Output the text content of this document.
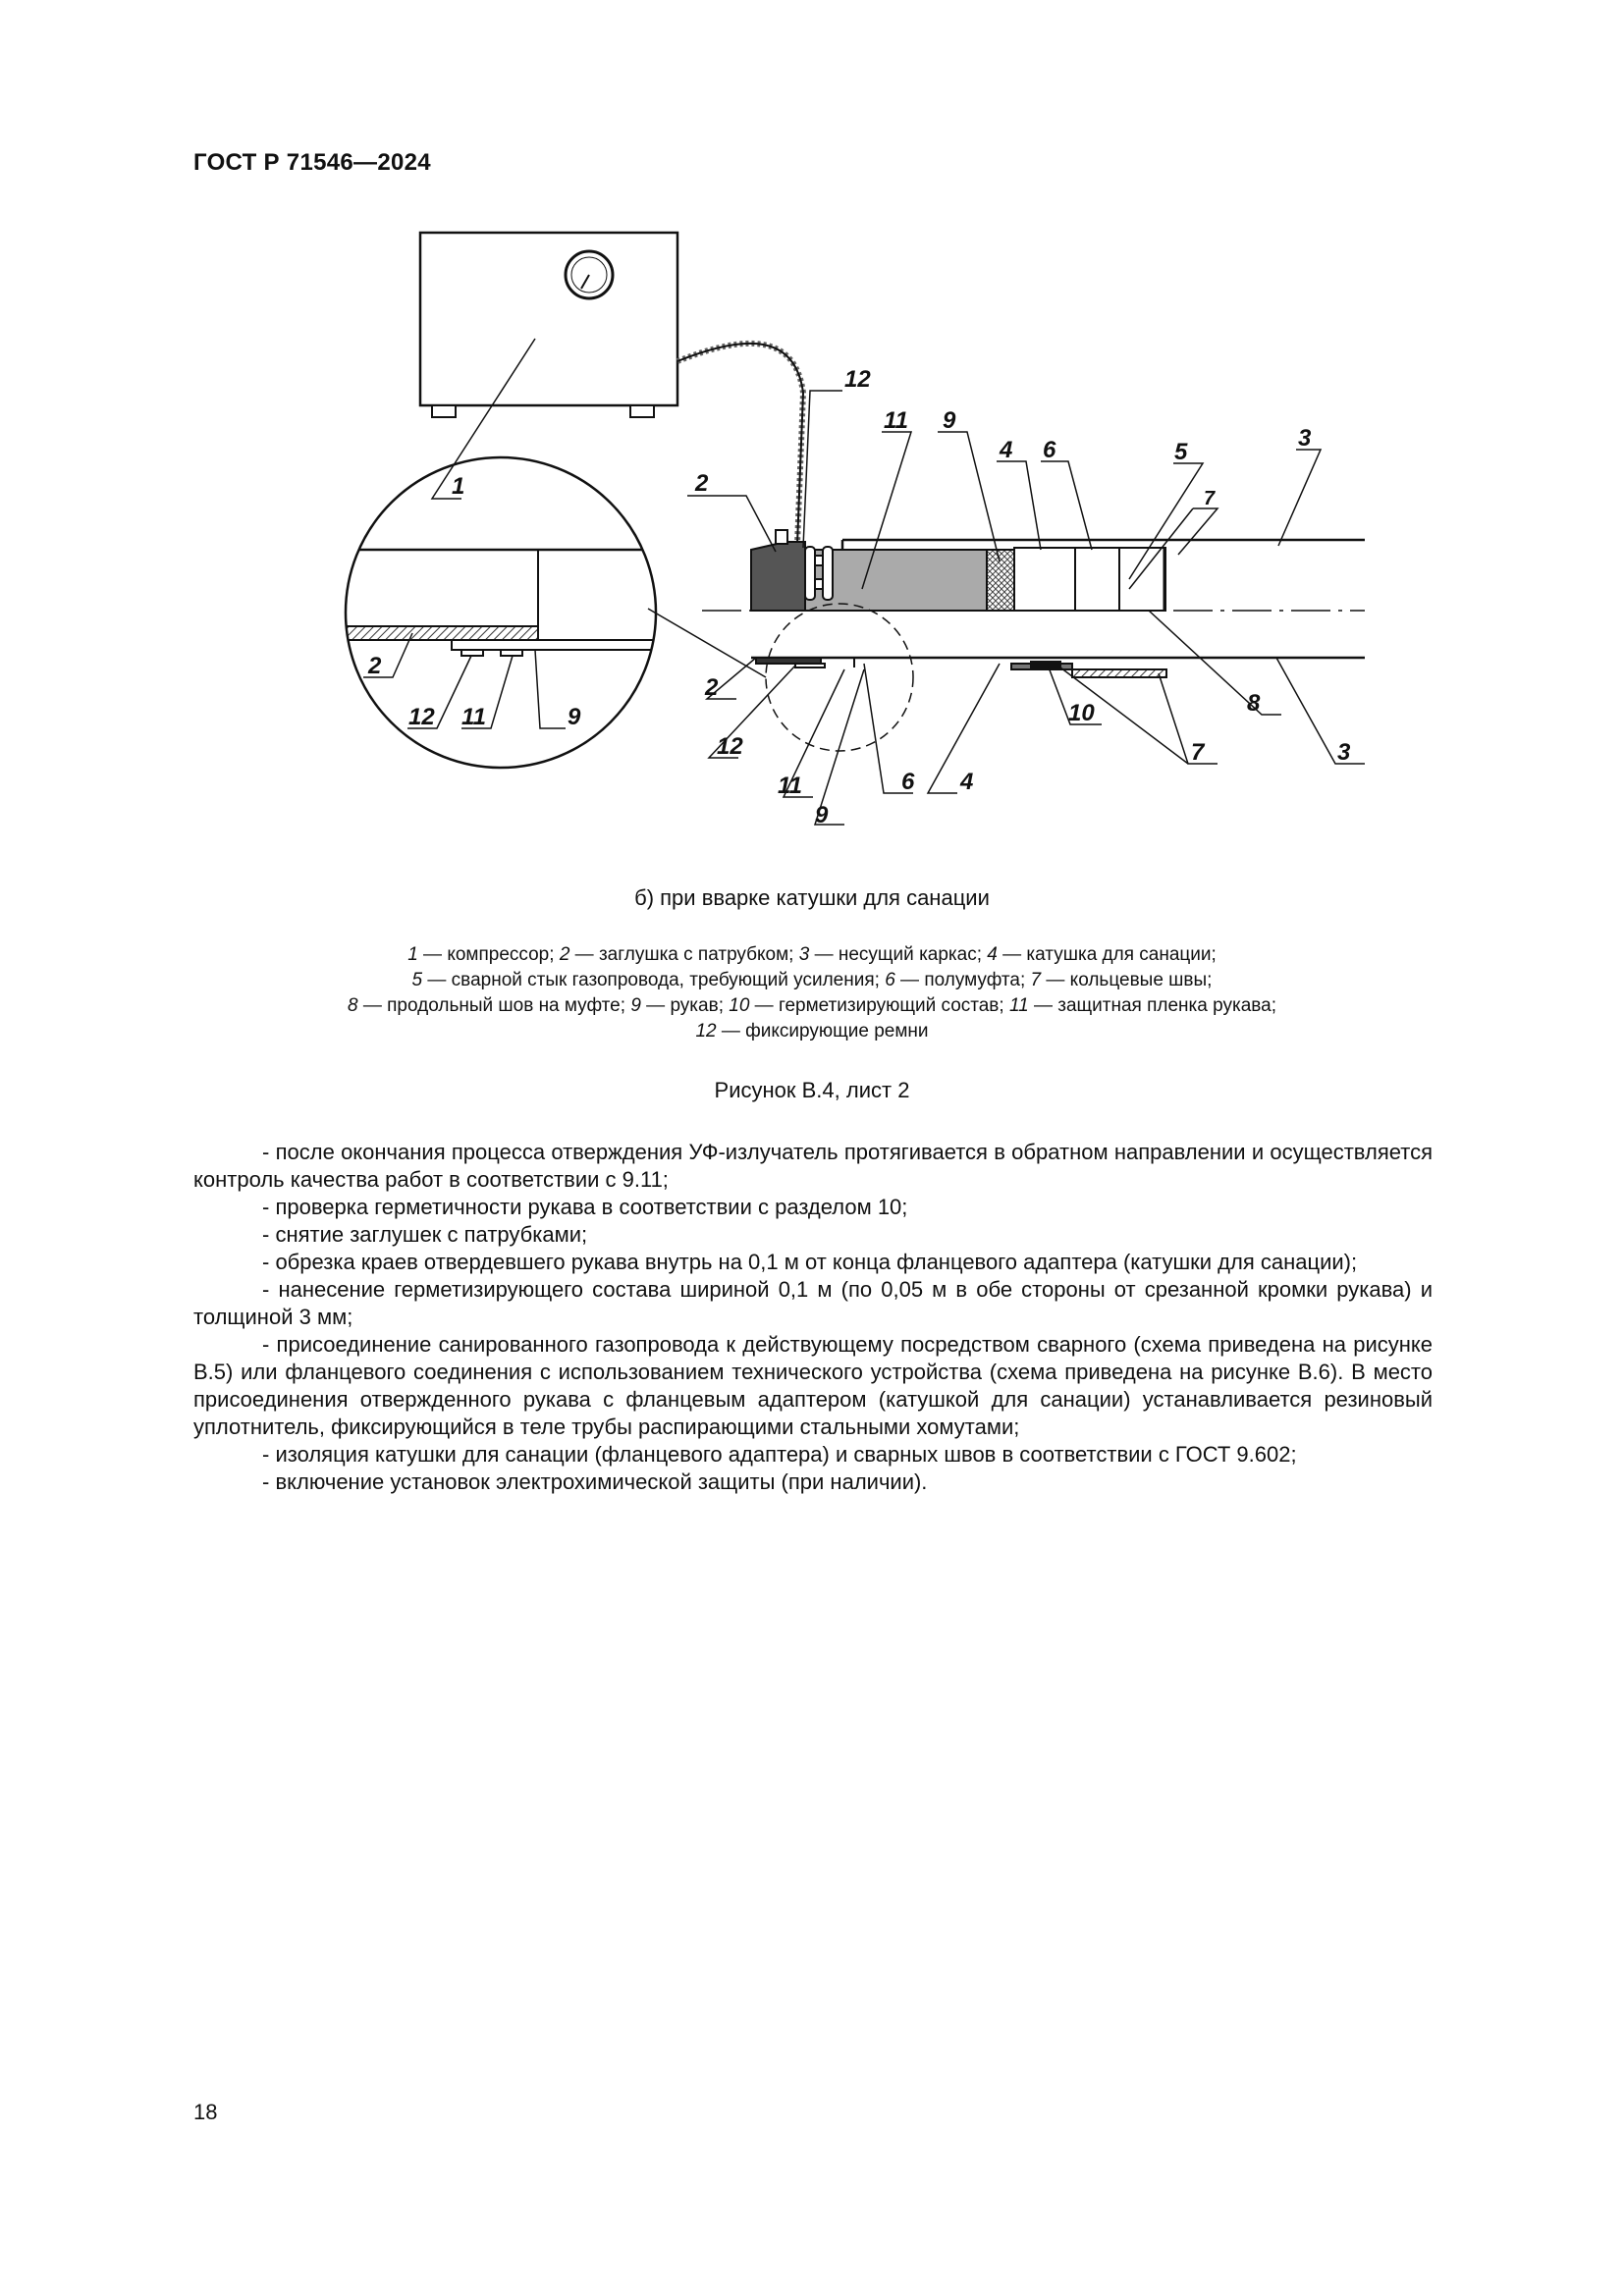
ГОСТ Р 71546—2024
1
12
11 9
4 6	5
3
7
2
8
3
7
10
4
6
11
9
12
2
2
12 11	9
б) при вварке катушки для санации
1 — компрессор; 2 — заглушка с патрубком; 3 — несущий каркас; 4 — катушка для санации;
5 — сварной стык газопровода, требующий усиления; 6 — полумуфта; 7 — кольцевые швы;
8 — продольный шов на муфте; 9 — рукав; 10 — герметизирующий состав; 11 — защитная пленка рукава;
12 — фиксирующие ремни
Рисунок В.4, лист 2

- после окончания процесса отверждения УФ-излучатель протягивается в обратном направлении и осуществляется контроль качества работ в соответствии с 9.11;

- проверка герметичности рукава в соответствии с разделом 10;

- снятие заглушек с патрубками;

- обрезка краев отвердевшего рукава внутрь на 0,1 м от конца фланцевого адаптера (катушки для санации);

- нанесение герметизирующего состава шириной 0,1 м (по 0,05 м в обе стороны от срезанной кромки рукава) и толщиной 3 мм;

- присоединение санированного газопровода к действующему посредством сварного (схема приведена на рисунке В.5) или фланцевого соединения с использованием технического устройства (схема приведена на рисунке В.6). В место присоединения отвержденного рукава с фланцевым адаптером (катушкой для санации) устанавливается резиновый уплотнитель, фиксирующийся в теле трубы распирающими стальными хомутами;

- изоляция катушки для санации (фланцевого адаптера) и сварных швов в соответствии с ГОСТ 9.602;

- включение установок электрохимической защиты (при наличии).

18
